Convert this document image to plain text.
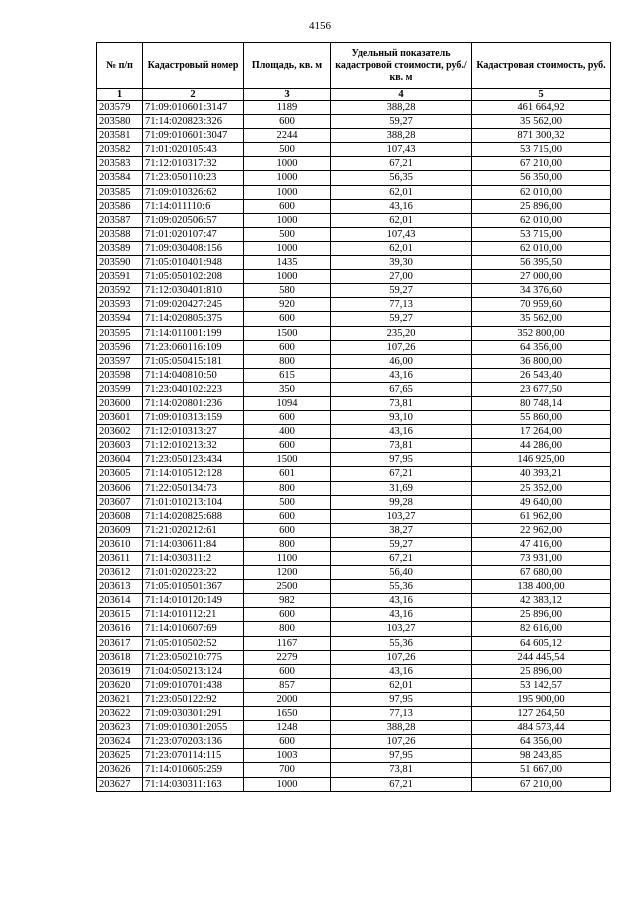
4156
№ п/п	Кадастровый номер	Площадь, кв. м	Удельный показатель кадастровой стоимости, руб./кв. м	Кадастровая стоимость, руб.
1	2	3	4	5
203579	71:09:010601:3147	1189	388,28	461 664,92
203580	71:14:020823:326	600	59,27	35 562,00
203581	71:09:010601:3047	2244	388,28	871 300,32
203582	71:01:020105:43	500	107,43	53 715,00
203583	71:12:010317:32	1000	67,21	67 210,00
203584	71:23:050110:23	1000	56,35	56 350,00
203585	71:09:010326:62	1000	62,01	62 010,00
203586	71:14:011110:6	600	43,16	25 896,00
203587	71:09:020506:57	1000	62,01	62 010,00
203588	71:01:020107:47	500	107,43	53 715,00
203589	71:09:030408:156	1000	62,01	62 010,00
203590	71:05:010401:948	1435	39,30	56 395,50
203591	71:05:050102:208	1000	27,00	27 000,00
203592	71:12:030401:810	580	59,27	34 376,60
203593	71:09:020427:245	920	77,13	70 959,60
203594	71:14:020805:375	600	59,27	35 562,00
203595	71:14:011001:199	1500	235,20	352 800,00
203596	71:23:060116:109	600	107,26	64 356,00
203597	71:05:050415:181	800	46,00	36 800,00
203598	71:14:040810:50	615	43,16	26 543,40
203599	71:23:040102:223	350	67,65	23 677,50
203600	71:14:020801:236	1094	73,81	80 748,14
203601	71:09:010313:159	600	93,10	55 860,00
203602	71:12:010313:27	400	43,16	17 264,00
203603	71:12:010213:32	600	73,81	44 286,00
203604	71:23:050123:434	1500	97,95	146 925,00
203605	71:14:010512:128	601	67,21	40 393,21
203606	71:22:050134:73	800	31,69	25 352,00
203607	71:01:010213:104	500	99,28	49 640,00
203608	71:14:020825:688	600	103,27	61 962,00
203609	71:21:020212:61	600	38,27	22 962,00
203610	71:14:030611:84	800	59,27	47 416,00
203611	71:14:030311:2	1100	67,21	73 931,00
203612	71:01:020223:22	1200	56,40	67 680,00
203613	71:05:010501:367	2500	55,36	138 400,00
203614	71:14:010120:149	982	43,16	42 383,12
203615	71:14:010112:21	600	43,16	25 896,00
203616	71:14:010607:69	800	103,27	82 616,00
203617	71:05:010502:52	1167	55,36	64 605,12
203618	71:23:050210:775	2279	107,26	244 445,54
203619	71:04:050213:124	600	43,16	25 896,00
203620	71:09:010701:438	857	62,01	53 142,57
203621	71:23:050122:92	2000	97,95	195 900,00
203622	71:09:030301:291	1650	77,13	127 264,50
203623	71:09:010301:2055	1248	388,28	484 573,44
203624	71:23:070203:136	600	107,26	64 356,00
203625	71:23:070114:115	1003	97,95	98 243,85
203626	71:14:010605:259	700	73,81	51 667,00
203627	71:14:030311:163	1000	67,21	67 210,00
